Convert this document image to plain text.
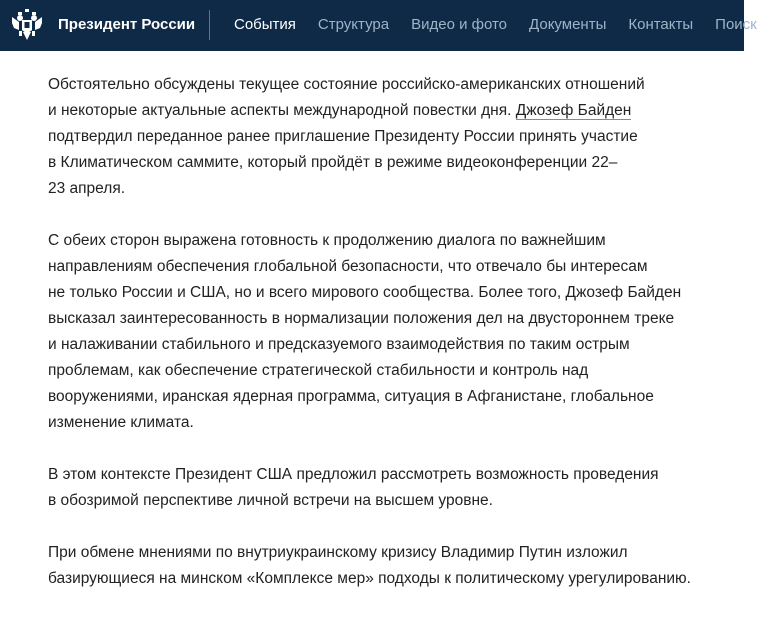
Президент России	События Структура Видео и фото Документы Контакты Поиск

Обстоятельно обсуждены текущее состояние российско-американских отношений
и некоторые актуальные аспекты международной повестки дня. Джозеф Байден
подтвердил переданное ранее приглашение Президенту России принять участие
в Климатическом саммите, который пройдёт в режиме видеоконференции 22–
23 апреля.

С обеих сторон выражена готовность к продолжению диалога по важнейшим
направлениям обеспечения глобальной безопасности, что отвечало бы интересам
не только России и США, но и всего мирового сообщества. Более того, Джозеф Байден
высказал заинтересованность в нормализации положения дел на двустороннем треке
и налаживании стабильного и предсказуемого взаимодействия по таким острым
проблемам, как обеспечение стратегической стабильности и контроль над
вооружениями, иранская ядерная программа, ситуация в Афганистане, глобальное
изменение климата.

В этом контексте Президент США предложил рассмотреть возможность проведения
в обозримой перспективе личной встречи на высшем уровне.

При обмене мнениями по внутриукраинскому кризису Владимир Путин изложил
базирующиеся на минском «Комплексе мер» подходы к политическому урегулированию.
